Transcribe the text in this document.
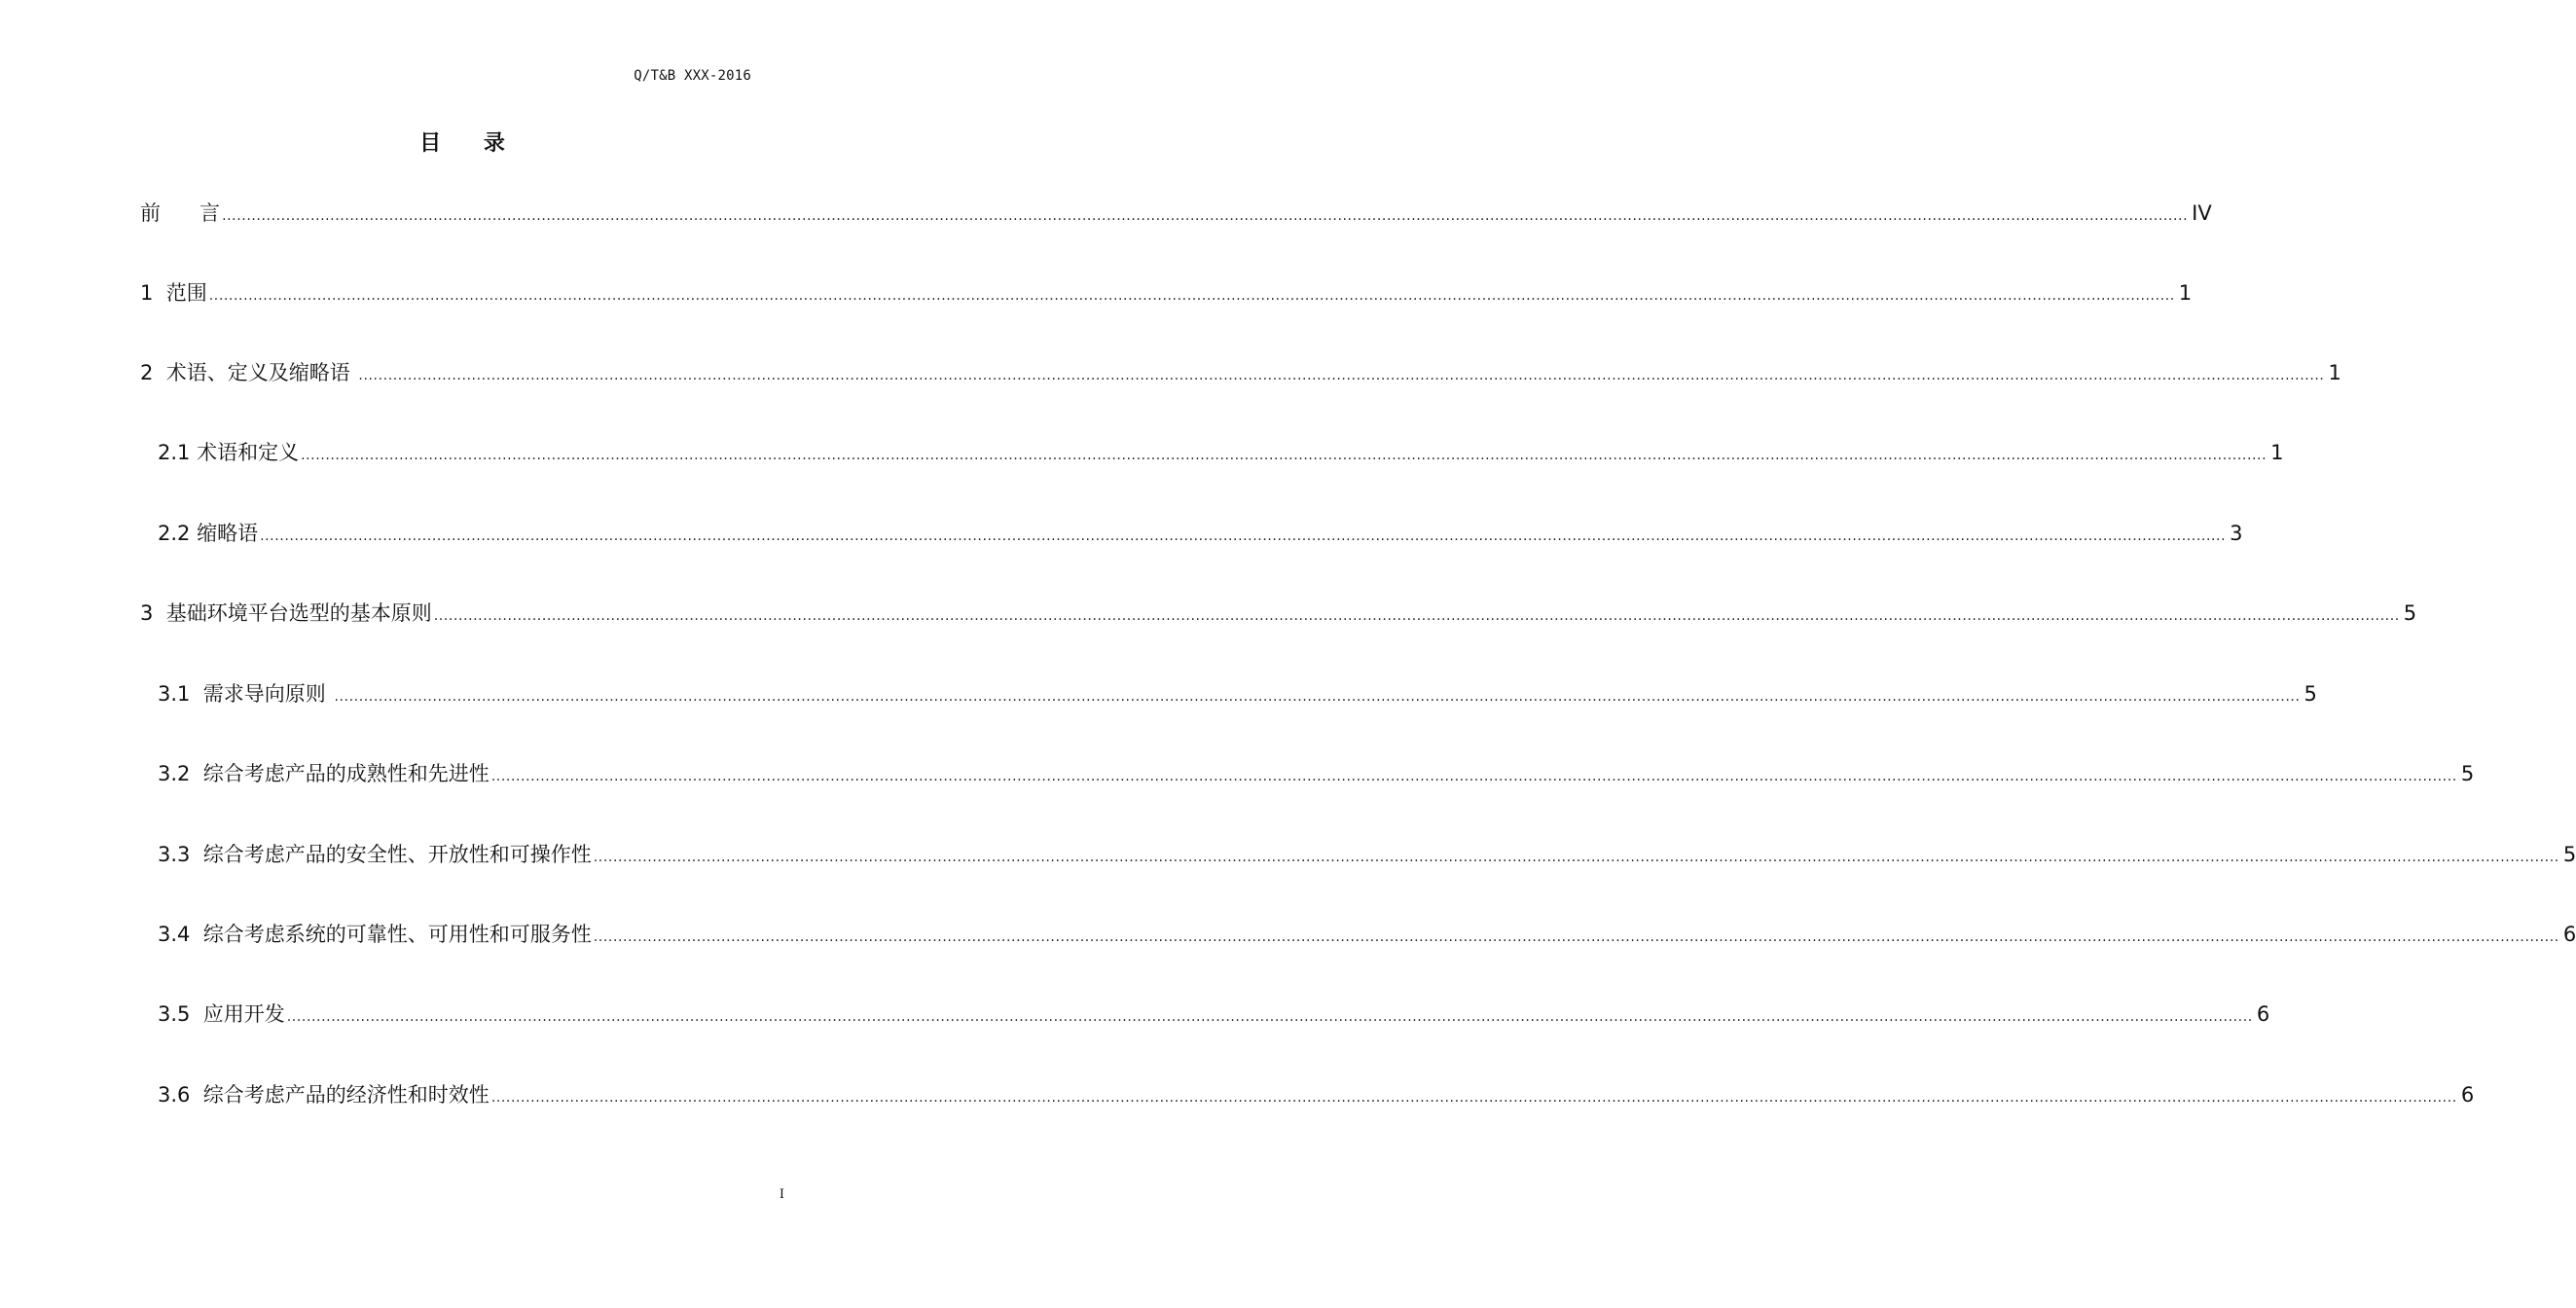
Q/T&B XXX-2016
目 录
前      言 ................................................................................................................................................................................................................................................................................................................................................................................................................ IV
1  范围 ................................................................................................................................................................................................................................................................................................................................................................................................................ 1
2  术语、定义及缩略语 ................................................................................................................................................................................................................................................................................................................................................................................................................ 1
2.1 术语和定义 ................................................................................................................................................................................................................................................................................................................................................................................................................ 1
2.2 缩略语 ................................................................................................................................................................................................................................................................................................................................................................................................................ 3
3  基础环境平台选型的基本原则 ................................................................................................................................................................................................................................................................................................................................................................................................................ 5
3.1  需求导向原则 ................................................................................................................................................................................................................................................................................................................................................................................................................ 5
3.2  综合考虑产品的成熟性和先进性 ................................................................................................................................................................................................................................................................................................................................................................................................................ 5
3.3  综合考虑产品的安全性、开放性和可操作性 ................................................................................................................................................................................................................................................................................................................................................................................................................ 5
3.4  综合考虑系统的可靠性、可用性和可服务性 ................................................................................................................................................................................................................................................................................................................................................................................................................ 6
3.5  应用开发 ................................................................................................................................................................................................................................................................................................................................................................................................................ 6
3.6  综合考虑产品的经济性和时效性 ................................................................................................................................................................................................................................................................................................................................................................................................................ 6
I
